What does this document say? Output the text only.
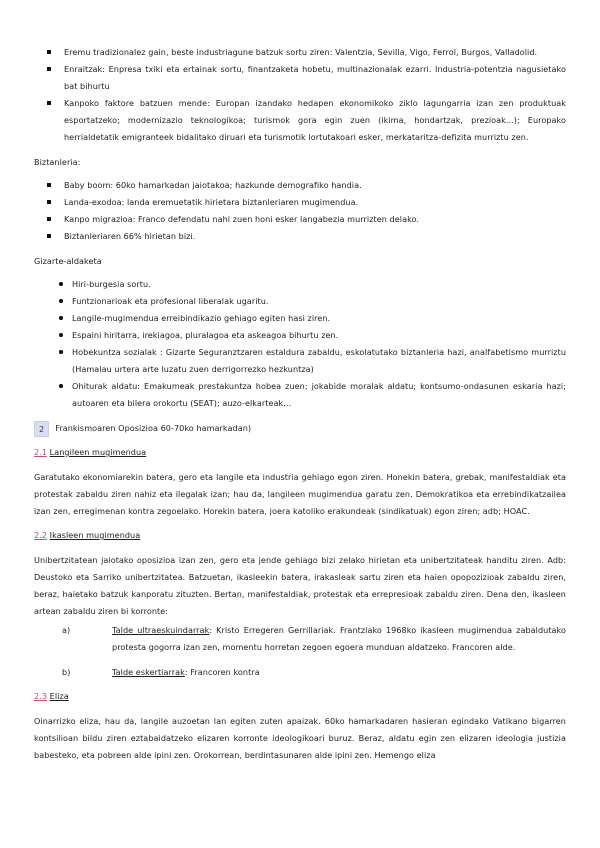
Eremu tradizionalez gain, beste industriagune batzuk sortu ziren: Valentzia, Sevilla, Vigo, Ferrol, Burgos, Valladolid.
Enraitzak: Enpresa txiki eta ertainak sortu, finantzaketa hobetu, multinazionalak ezarri. Industria-potentzia nagusietako bat bihurtu
Kanpoko faktore batzuen mende: Europan izandako hedapen ekonomikoko ziklo lagungarria izan zen produktuak esportatzeko; modernizazio teknologikoa; turismok gora egin zuen (ikima, hondartzak, prezioak...); Europako herrialdetatik emigranteek bidalitako diruari eta turismotik lortutakoari esker, merkataritza-defizita murriztu zen.

Biztanleria:

Baby boom: 60ko hamarkadan jaiotakoa; hazkunde demografiko handia.
Landa-exodoa: landa eremuetatik hirietara biztanleriaren mugimendua.
Kanpo migrazioa: Franco defendatu nahi zuen honi esker langabezia murrizten delako.
Biztanleriaren 66% hirietan bizi.

Gizarte-aldaketa

Hiri-burgesia sortu.
Funtzionarioak eta profesional liberalak ugaritu.
Langile-mugimendua erreibindikazio gehiago egiten hasi ziren.
Espaini hiritarra, irekiagoa, pluralagoa eta askeagoa bihurtu zen.
Hobekuntza sozialak : Gizarte Seguranztzaren estaldura zabaldu, eskolatutako biztanleria hazi, analfabetismo murriztu (Hamalau urtera arte luzatu zuen derrigorrezko hezkuntza)
Ohiturak aldatu: Emakumeak prestakuntza hobea zuen; jokabide moralak aldatu; kontsumo-ondasunen eskaria hazi; autoaren eta bilera orokortu (SEAT); auzo-elkarteak...
2	Frankismoaren Oposizioa 60-70ko hamarkadan)

2.1 Langileen mugimendua

Garatutako ekonomiarekin batera, gero eta langile eta industria gehiago egon ziren. Honekin batera, grebak, manifestaldiak eta protestak zabaldu ziren nahiz eta ilegalak izan; hau da, langileen mugimendua garatu zen. Demokratikoa eta errebindikatzailea izan zen, erregimenan kontra zegoelako. Horekin batera, joera katoliko erakundeak (sindikatuak) egon ziren; adb; HOAC.

2.2 Ikasleen mugimendua

Unibertzitatean jaiotako oposizioa izan zen, gero eta jende gehiago bizi zelako hirietan eta unibertzitateak handitu ziren. Adb: Deustoko eta Sarriko unibertzitatea. Batzuetan, ikasleekin batera, irakasleak sartu ziren eta haien opopozizioak zabaldu ziren, beraz, haietako batzuk kanporatu zituzten. Bertan, manifestaldiak, protestak eta errepresioak zabaldu ziren. Dena den, ikasleen artean zabaldu ziren bi korronte:

a)	Talde ultraeskuindarrak: Kristo Erregeren Gerrillariak. Frantziako 1968ko ikasleen mugimendua zabaldutako protesta gogorra izan zen, momentu horretan zegoen egoera munduan aldatzeko. Francoren alde.
b)	Talde eskertiarrak: Francoren kontra

2.3 Eliza

Oinarrizko eliza, hau da, langile auzoetan lan egiten zuten apaizak. 60ko hamarkadaren hasieran egindako Vatikano bigarren kontsilioan bildu ziren eztabaidatzeko elizaren korronte ideologikoari buruz. Beraz, aldatu egin zen elizaren ideologia justizia babesteko, eta pobreen alde ipini zen. Orokorrean, berdintasunaren alde ipini zen. Hemengo eliza
